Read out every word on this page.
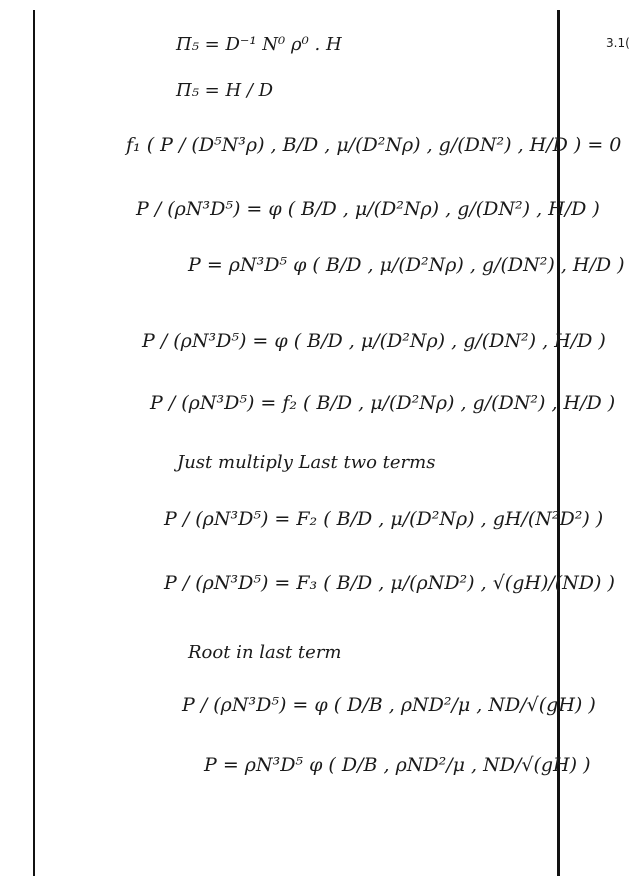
3.1(
Π₅ = D⁻¹ N⁰ ρ⁰ . H
Π₅ = H / D
f₁ ( P / (D⁵N³ρ) , B/D , μ/(D²Nρ) , g/(DN²) , H/D ) = 0
P / (ρN³D⁵) = φ ( B/D , μ/(D²Nρ) , g/(DN²) , H/D )
P = ρN³D⁵ φ ( B/D , μ/(D²Nρ) , g/(DN²) , H/D )
P / (ρN³D⁵) = φ ( B/D , μ/(D²Nρ) , g/(DN²) , H/D )
P / (ρN³D⁵) = f₂ ( B/D , μ/(D²Nρ) , g/(DN²) , H/D )
Just multiply Last two terms
P / (ρN³D⁵) = F₂ ( B/D , μ/(D²Nρ) , gH/(N²D²) )
P / (ρN³D⁵) = F₃ ( B/D , μ/(ρND²) , √(gH)/(ND) )
Root in last term
P / (ρN³D⁵) = φ ( D/B , ρND²/μ , ND/√(gH) )
P = ρN³D⁵ φ ( D/B , ρND²/μ , ND/√(gH) )
